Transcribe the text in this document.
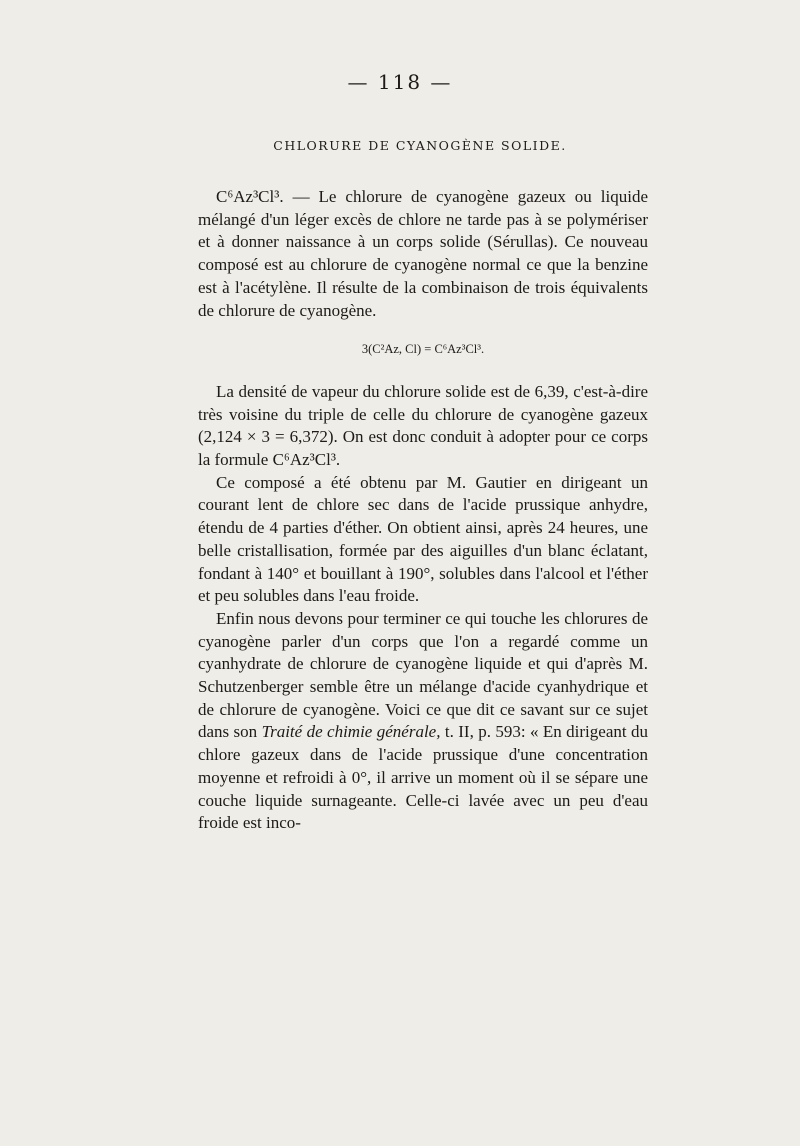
— 118 —
CHLORURE DE CYANOGÈNE SOLIDE.

C⁶Az³Cl³. — Le chlorure de cyanogène gazeux ou liquide mélangé d'un léger excès de chlore ne tarde pas à se polymériser et à donner naissance à un corps solide (Sérullas). Ce nouveau composé est au chlorure de cyanogène normal ce que la benzine est à l'acétylène. Il résulte de la combinaison de trois équivalents de chlorure de cyanogène.

3(C²Az, Cl) = C⁶Az³Cl³.

La densité de vapeur du chlorure solide est de 6,39, c'est-à-dire très voisine du triple de celle du chlorure de cyanogène gazeux (2,124 × 3 = 6,372). On est donc conduit à adopter pour ce corps la formule C⁶Az³Cl³.

Ce composé a été obtenu par M. Gautier en dirigeant un courant lent de chlore sec dans de l'acide prussique anhydre, étendu de 4 parties d'éther. On obtient ainsi, après 24 heures, une belle cristallisation, formée par des aiguilles d'un blanc éclatant, fondant à 140° et bouillant à 190°, solubles dans l'alcool et l'éther et peu solubles dans l'eau froide.

Enfin nous devons pour terminer ce qui touche les chlorures de cyanogène parler d'un corps que l'on a regardé comme un cyanhydrate de chlorure de cyanogène liquide et qui d'après M. Schutzenberger semble être un mélange d'acide cyanhydrique et de chlorure de cyanogène. Voici ce que dit ce savant sur ce sujet dans son Traité de chimie générale, t. II, p. 593: « En dirigeant du chlore gazeux dans de l'acide prussique d'une concentration moyenne et refroidi à 0°, il arrive un moment où il se sépare une couche liquide surnageante. Celle-ci lavée avec un peu d'eau froide est inco-
